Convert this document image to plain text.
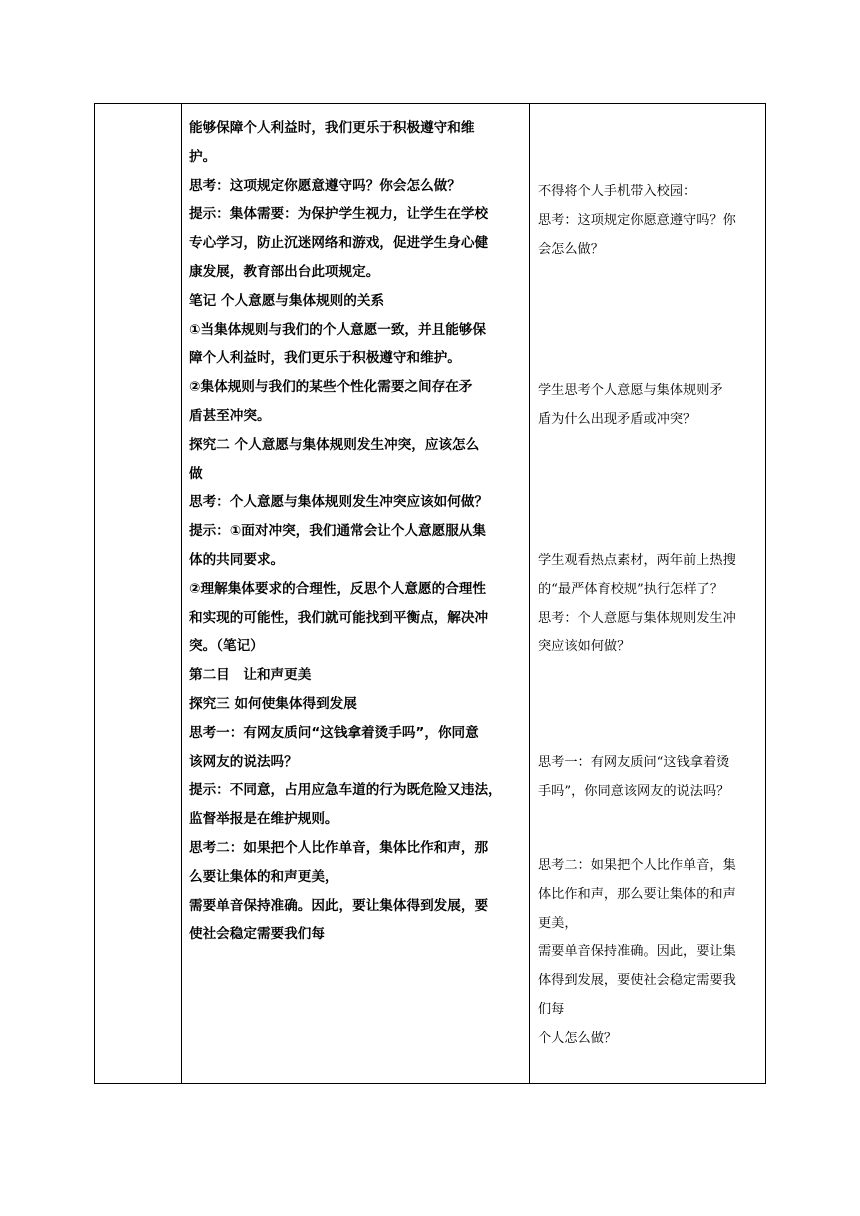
能够保障个人利益时，我们更乐于积极遵守和维

护。

思考：这项规定你愿意遵守吗？你会怎么做？

提示：集体需要：为保护学生视力，让学生在学校

专心学习，防止沉迷网络和游戏，促进学生身心健

康发展，教育部出台此项规定。

笔记 个人意愿与集体规则的关系

①当集体规则与我们的个人意愿一致，并且能够保

障个人利益时，我们更乐于积极遵守和维护。

②集体规则与我们的某些个性化需要之间存在矛

盾甚至冲突。

探究二 个人意愿与集体规则发生冲突，应该怎么

做

思考：个人意愿与集体规则发生冲突应该如何做？

提示：①面对冲突，我们通常会让个人意愿服从集

体的共同要求。

②理解集体要求的合理性，反思个人意愿的合理性

和实现的可能性，我们就可能找到平衡点，解决冲

突。（笔记）

第二目　让和声更美

探究三 如何使集体得到发展

思考一：有网友质问“这钱拿着烫手吗”，你同意

该网友的说法吗？

提示：不同意，占用应急车道的行为既危险又违法，

监督举报是在维护规则。

思考二：如果把个人比作单音，集体比作和声，那

么要让集体的和声更美，

需要单音保持准确。因此，要让集体得到发展，要

使社会稳定需要我们每

不得将个人手机带入校园：

思考：这项规定你愿意遵守吗？你

会怎么做？

学生思考个人意愿与集体规则矛

盾为什么出现矛盾或冲突？

学生观看热点素材，两年前上热搜

的“最严体育校规”执行怎样了？

思考：个人意愿与集体规则发生冲

突应该如何做？

思考一：有网友质问“这钱拿着烫

手吗”，你同意该网友的说法吗？

思考二：如果把个人比作单音，集

体比作和声，那么要让集体的和声

更美，

需要单音保持准确。因此，要让集

体得到发展，要使社会稳定需要我

们每

个人怎么做？
